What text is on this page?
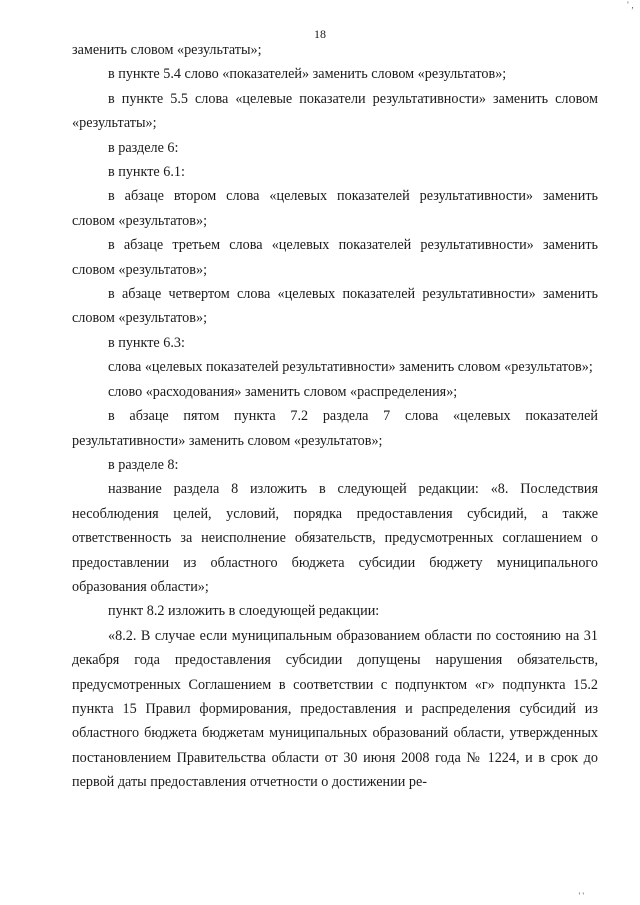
' ‚
18

заменить словом «результаты»;

в пункте 5.4 слово «показателей» заменить словом «результатов»;

в пункте 5.5 слова «целевые показатели результативности» заменить словом «результаты»;

в разделе 6:

в пункте 6.1:

в абзаце втором слова «целевых показателей результативности» заменить словом «результатов»;

в абзаце третьем слова «целевых показателей результативности» заменить словом «результатов»;

в абзаце четвертом слова «целевых показателей результативности» заменить словом «результатов»;

в пункте 6.3:

слова «целевых показателей результативности» заменить словом «результатов»;

слово «расходования» заменить словом «распределения»;

в абзаце пятом пункта 7.2 раздела 7 слова «целевых показателей результативности» заменить словом «результатов»;

в разделе 8:

название раздела 8 изложить в следующей редакции: «8. Последствия несоблюдения целей, условий, порядка предоставления субсидий, а также ответственность за неисполнение обязательств, предусмотренных соглашением о предоставлении из областного бюджета субсидии бюджету муниципального образования области»;

пункт 8.2 изложить в слоедующей редакции:

«8.2. В случае если муниципальным образованием области по состоянию на 31 декабря года предоставления субсидии допущены нарушения обязательств, предусмотренных Соглашением в соответствии с подпунктом «г» подпункта 15.2 пункта 15 Правил формирования, предоставления и распределения субсидий из областного бюджета бюджетам муниципальных образований области, утвержденных постановлением Правительства области от 30 июня 2008 года № 1224, и в срок до первой даты предоставления отчетности о достижении ре-

' '
